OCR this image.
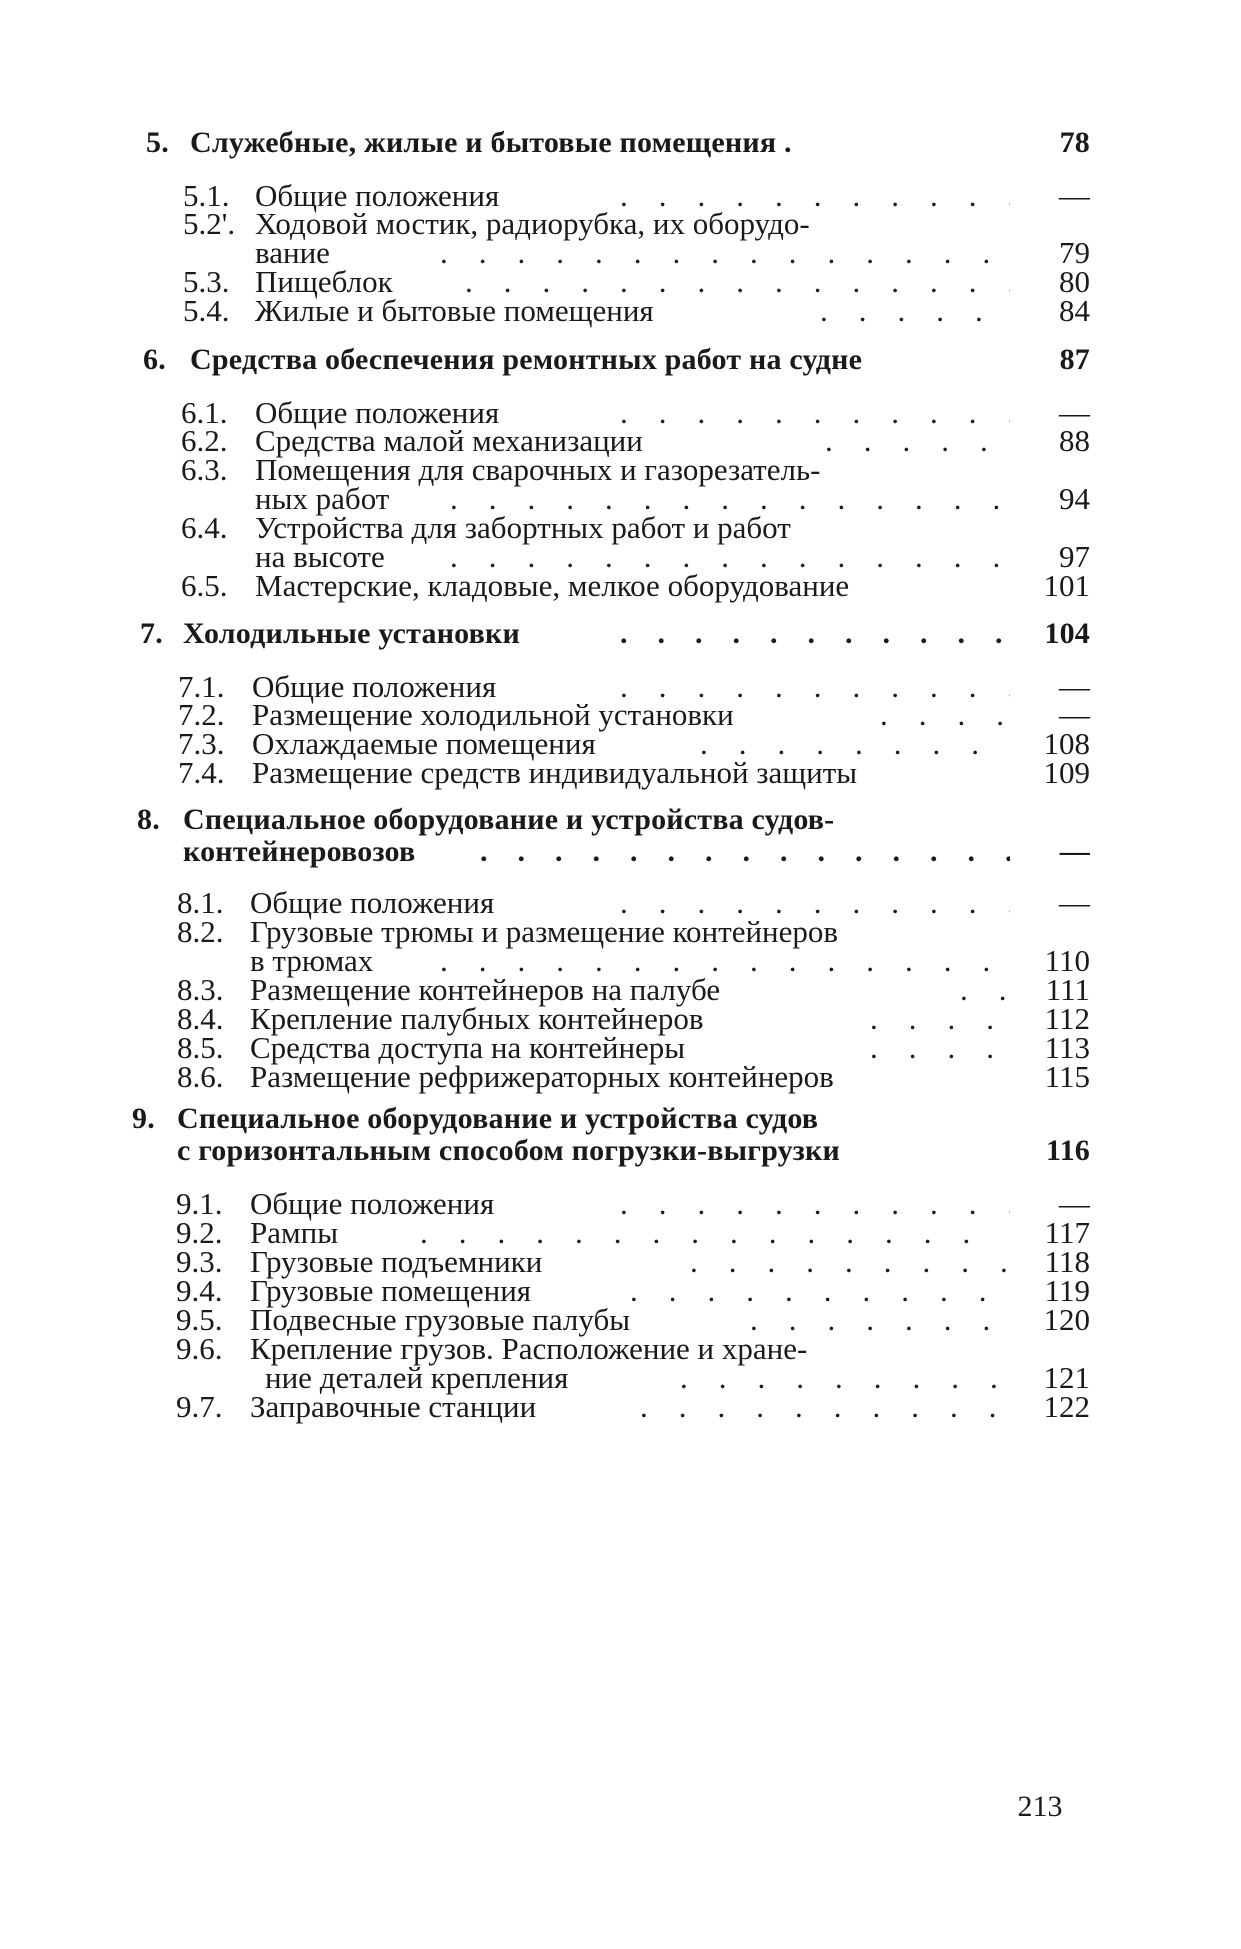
5. Служебные, жилые и бытовые помещения .	78
5.1. Общие положения .	—
5.2'. Ходовой мостик, радиорубка, их оборудо-
вание .	79
5.3. Пищеблок .	80
5.4. Жилые и бытовые помещения .	84
6. Средства обеспечения ремонтных работ на судне	87
6.1. Общие положения .	—
6.2. Средства малой механизации .	88
6.3. Помещения для сварочных и газорезатель-
ных работ .	94
6.4. Устройства для забортных работ и работ
на высоте .	97
6.5. Мастерские, кладовые, мелкое оборудование	101
7. Холодильные установки .	104
7.1. Общие положения .	—
7.2. Размещение холодильной установки .	—
7.3. Охлаждаемые помещения .	108
7.4. Размещение средств индивидуальной защиты	109
8. Специальное оборудование и устройства судов-
контейнеровозов .	—
8.1. Общие положения .	—
8.2. Грузовые трюмы и размещение контейнеров
в трюмах .	110
8.3. Размещение контейнеров на палубе .	111
8.4. Крепление палубных контейнеров .	112
8.5. Средства доступа на контейнеры .	113
8.6. Размещение рефрижераторных контейнеров	115
9. Специальное оборудование и устройства судов
с горизонтальным способом погрузки-выгрузки	116
9.1. Общие положения .	—
9.2. Рампы .	117
9.3. Грузовые подъемники .	118
9.4. Грузовые помещения .	119
9.5. Подвесные грузовые палубы .	120
9.6. Крепление грузов. Расположение и хране-
ние деталей крепления .	121
9.7. Заправочные станции .	122
213
